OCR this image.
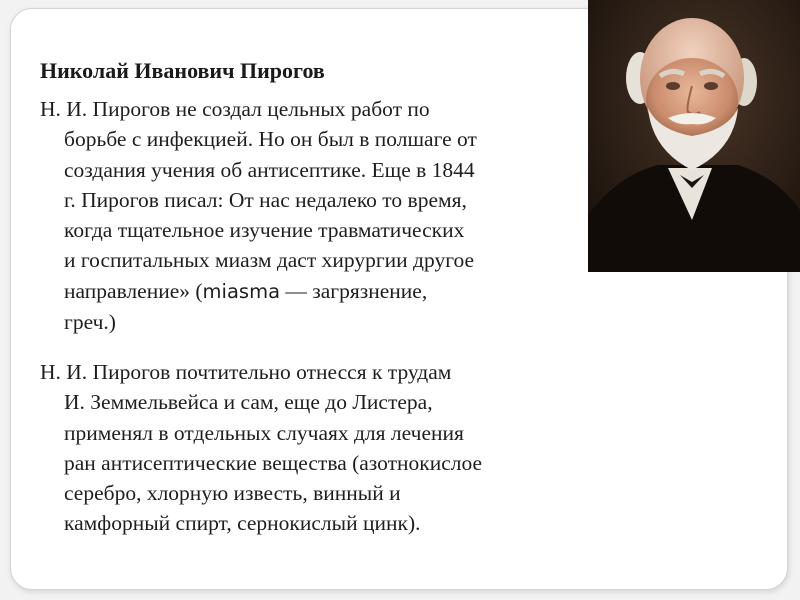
Николай Иванович Пирогов

Н. И. Пирогов не создал цельных работ по
борьбе с инфекцией. Но он был в полшаге от
создания учения об антисептике. Еще в 1844
г. Пирогов писал: От нас недалеко то время,
когда тщательное изучение травматических
и госпитальных миазм даст хирургии другое
направление» (miasma — загрязнение,
греч.)

Н. И. Пирогов почтительно отнесся к трудам
И. Земмельвейса и сам, еще до Листера,
применял в отдельных случаях для лечения
ран антисептические вещества (азотнокислое
серебро, хлорную известь, винный и
камфорный спирт, сернокислый цинк).
